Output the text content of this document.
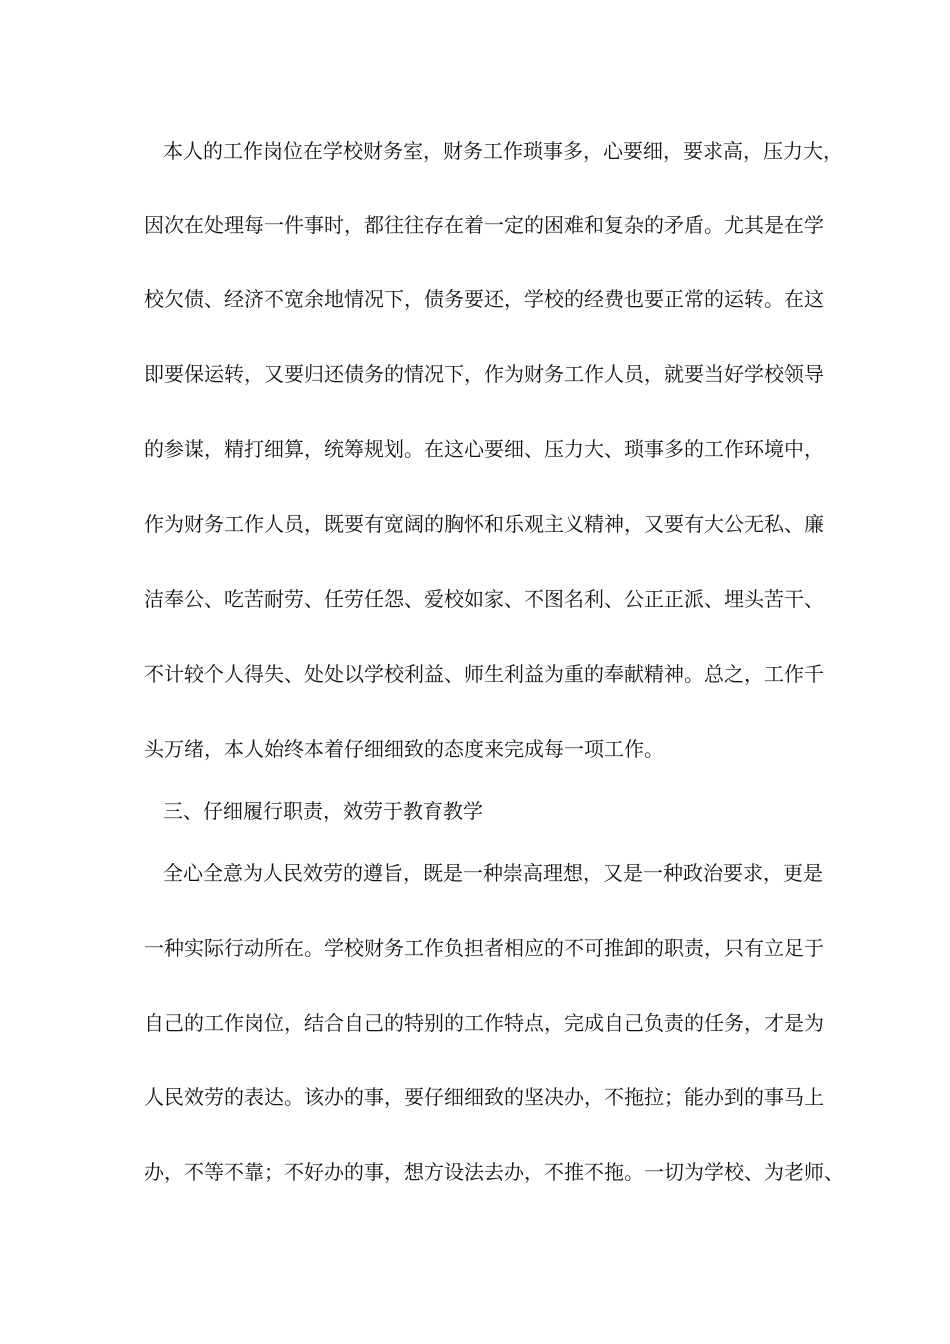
本人的工作岗位在学校财务室，财务工作琐事多，心要细，要求高，压力大，
因次在处理每一件事时，都往往存在着一定的困难和复杂的矛盾。尤其是在学
校欠债、经济不宽余地情况下，债务要还，学校的经费也要正常的运转。在这
即要保运转，又要归还债务的情况下，作为财务工作人员，就要当好学校领导
的参谋，精打细算，统筹规划。在这心要细、压力大、琐事多的工作环境中，
作为财务工作人员，既要有宽阔的胸怀和乐观主义精神，又要有大公无私、廉
洁奉公、吃苦耐劳、任劳任怨、爱校如家、不图名利、公正正派、埋头苦干、
不计较个人得失、处处以学校利益、师生利益为重的奉献精神。总之，工作千
头万绪，本人始终本着仔细细致的态度来完成每一项工作。
三、仔细履行职责，效劳于教育教学
全心全意为人民效劳的遵旨，既是一种崇高理想，又是一种政治要求，更是
一种实际行动所在。学校财务工作负担者相应的不可推卸的职责，只有立足于
自己的工作岗位，结合自己的特别的工作特点，完成自己负责的任务，才是为
人民效劳的表达。该办的事，要仔细细致的坚决办，不拖拉；能办到的事马上
办，不等不靠；不好办的事，想方设法去办，不推不拖。一切为学校、为老师、
